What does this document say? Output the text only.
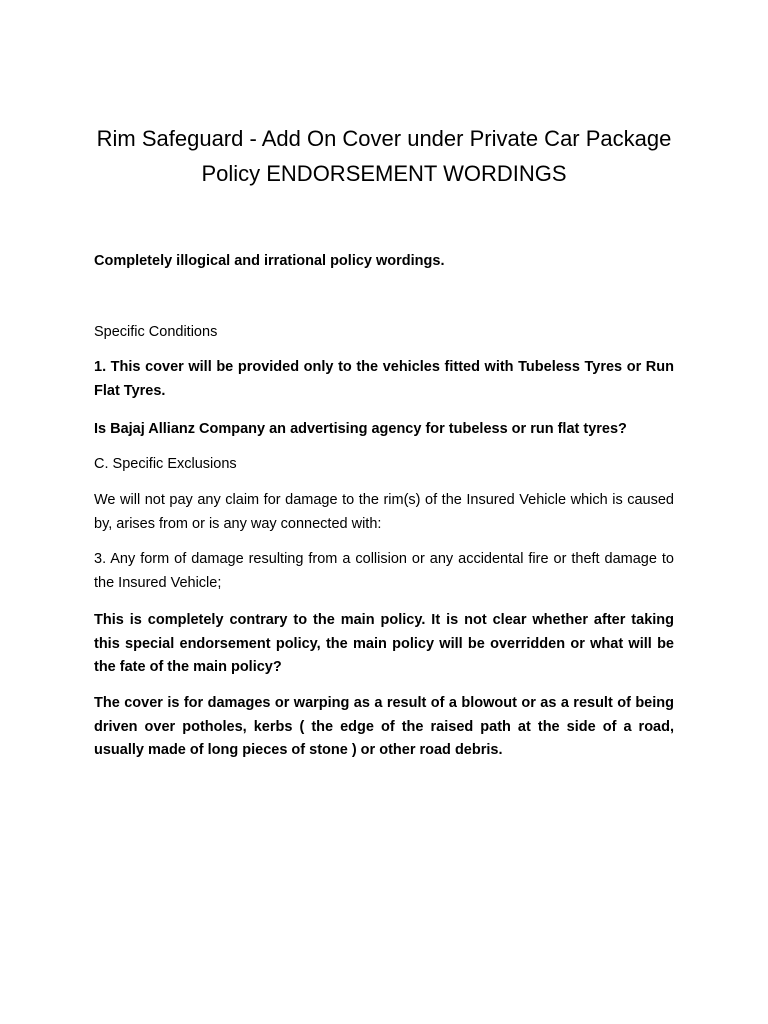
Rim Safeguard - Add On Cover under Private Car Package Policy ENDORSEMENT WORDINGS

Completely illogical and irrational policy wordings.

Specific Conditions

1. This cover will be provided only to the vehicles fitted with Tubeless Tyres or Run Flat Tyres.

Is Bajaj Allianz Company an advertising agency for tubeless or run flat tyres?

C. Specific Exclusions

We will not pay any claim for damage to the rim(s) of the Insured Vehicle which is caused by, arises from or is any way connected with:

3. Any form of damage resulting from a collision or any accidental fire or theft damage to the Insured Vehicle;

This is completely contrary to the main policy. It is not clear whether after taking this special endorsement policy, the main policy will be overridden or what will be the fate of the main policy?

The cover is for damages or warping as a result of a blowout or as a result of being driven over potholes, kerbs ( the edge of the raised path at the side of a road, usually made of long pieces of stone ) or other road debris.
